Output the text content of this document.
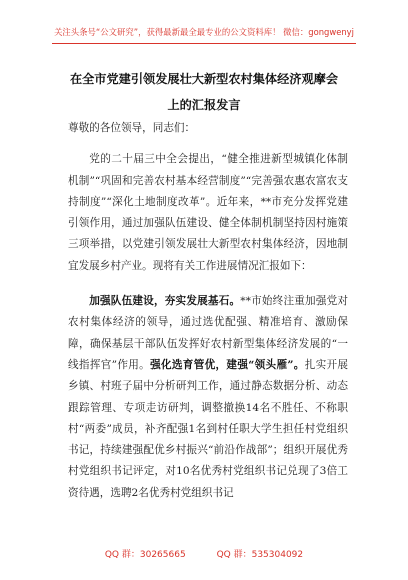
关注头条号“公文研究”，获得最新最全最专业的公文资料库！ 微信：gongwenyj
在全市党建引领发展壮大新型农村集体经济观摩会上的汇报发言

尊敬的各位领导，同志们：

党的二十届三中全会提出，“健全推进新型城镇化体制机制”“巩固和完善农村基本经营制度”“完善强农惠农富农支持制度”“深化土地制度改革”。近年来，**市充分发挥党建引领作用，通过加强队伍建设、健全体制机制坚持因村施策三项举措，以党建引领发展壮大新型农村集体经济，因地制宜发展乡村产业。现将有关工作进展情况汇报如下：

加强队伍建设，夯实发展基石。**市始终注重加强党对农村集体经济的领导，通过选优配强、精准培育、激励保障，确保基层干部队伍发挥好农村新型集体经济发展的“一线指挥官”作用。强化选育管优，建强“领头雁”。扎实开展乡镇、村班子届中分析研判工作，通过静态数据分析、动态跟踪管理、专项走访研判，调整撤换14名不胜任、不称职村“两委”成员，补齐配强1名到村任职大学生担任村党组织书记，持续建强配优乡村振兴“前沿作战部”；组织开展优秀村党组织书记评定，对10名优秀村党组织书记兑现了3倍工资待遇，选聘2名优秀村党组织书记

QQ 群：30265665	QQ 群：535304092
